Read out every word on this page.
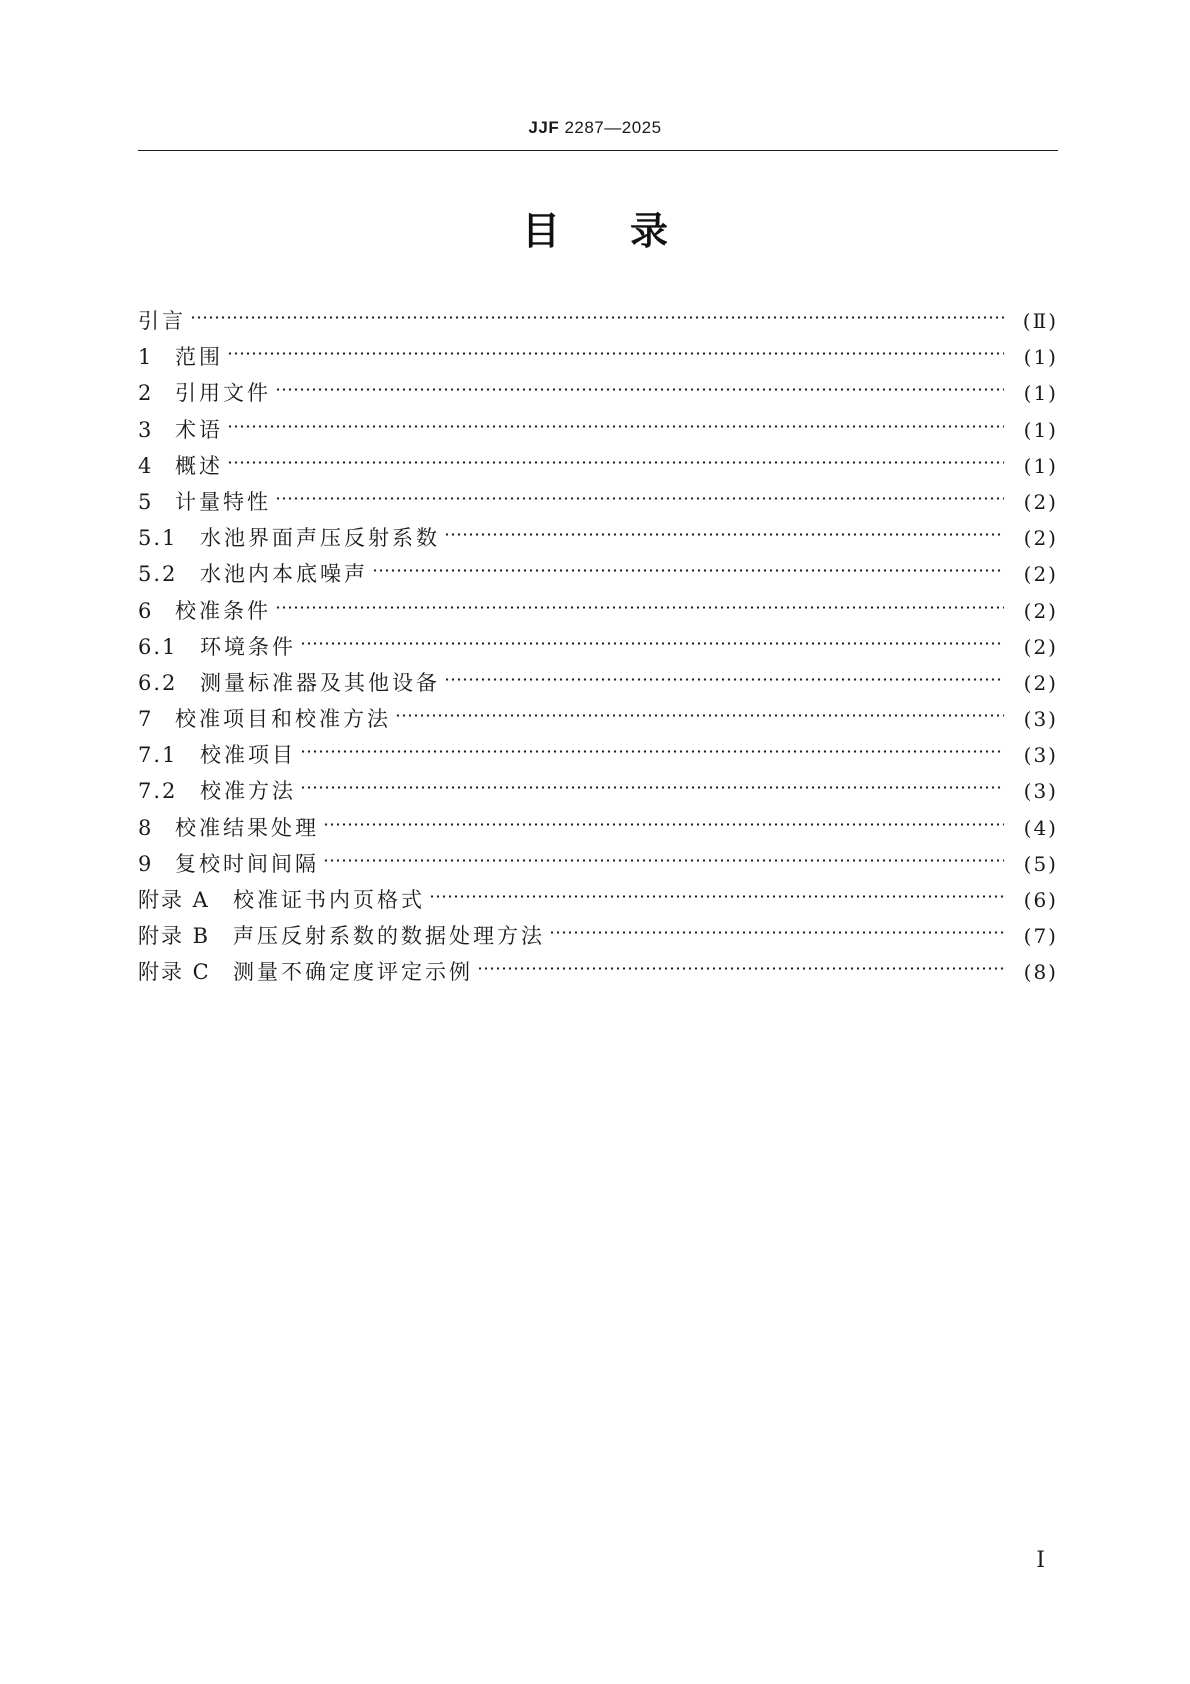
JJF 2287—2025
目录
引言	(Ⅱ)
1	范围	(1)
2	引用文件	(1)
3	术语	(1)
4	概述	(1)
5	计量特性	(2)
5.1	水池界面声压反射系数	(2)
5.2	水池内本底噪声	(2)
6	校准条件	(2)
6.1	环境条件	(2)
6.2	测量标准器及其他设备	(2)
7	校准项目和校准方法	(3)
7.1	校准项目	(3)
7.2	校准方法	(3)
8	校准结果处理	(4)
9	复校时间间隔	(5)
附录 A	校准证书内页格式	(6)
附录 B	声压反射系数的数据处理方法	(7)
附录 C	测量不确定度评定示例	(8)
I
